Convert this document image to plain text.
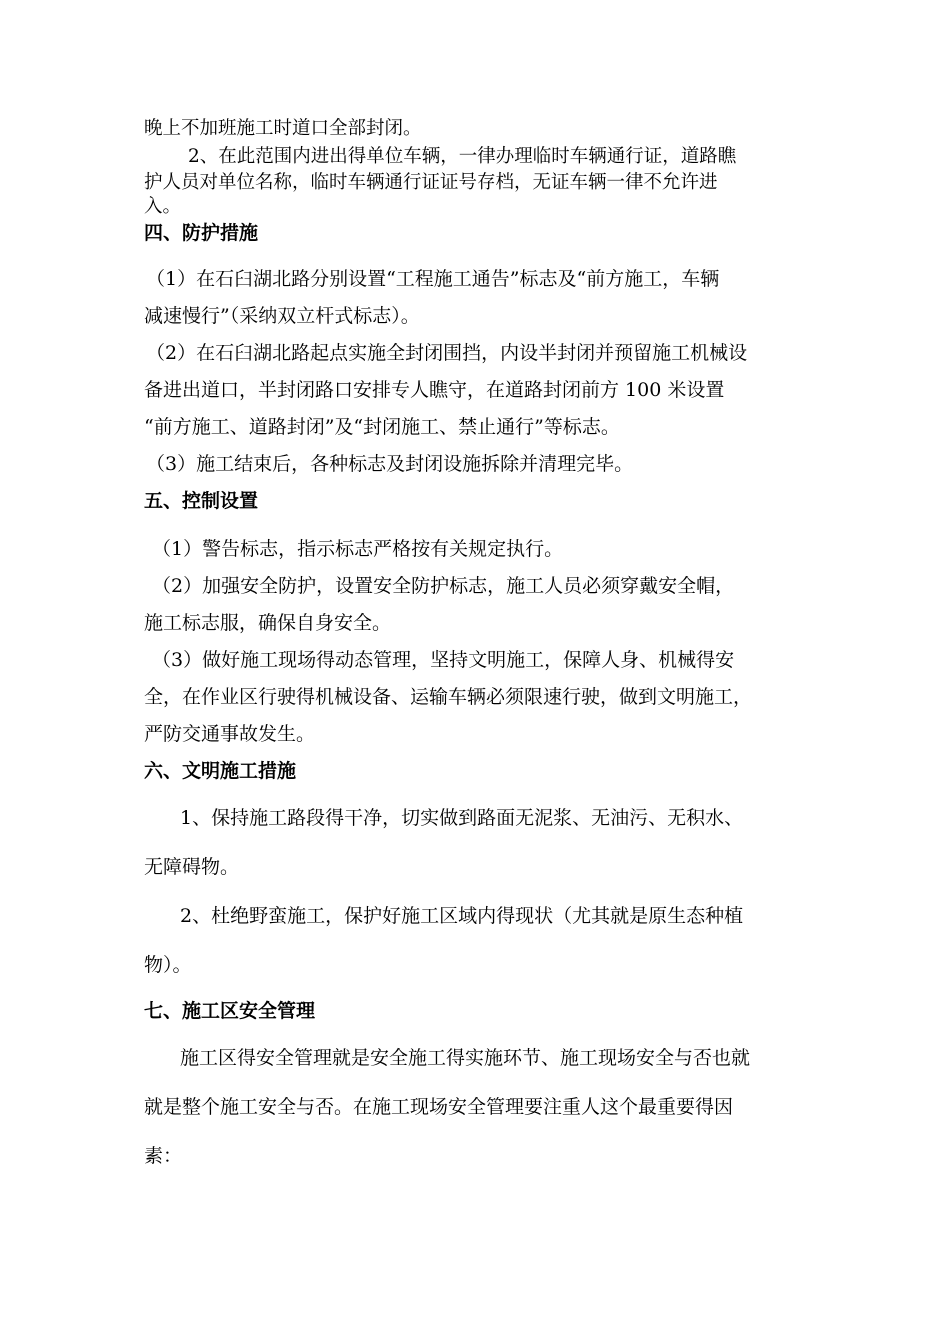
晚上不加班施工时道口全部封闭。
2、在此范围内进出得单位车辆，一律办理临时车辆通行证，道路瞧
护人员对单位名称，临时车辆通行证证号存档，无证车辆一律不允许进
入。
四、防护措施
（1）在石臼湖北路分别设置“工程施工通告”标志及“前方施工，车辆
减速慢行”（采纳双立杆式标志）。
（2）在石臼湖北路起点实施全封闭围挡，内设半封闭并预留施工机械设
备进出道口，半封闭路口安排专人瞧守，在道路封闭前方 100 米设置
“前方施工、道路封闭”及“封闭施工、禁止通行”等标志。
（3）施工结束后，各种标志及封闭设施拆除并清理完毕。
五、控制设置
（1）警告标志，指示标志严格按有关规定执行。
（2）加强安全防护，设置安全防护标志，施工人员必须穿戴安全帽，
施工标志服，确保自身安全。
（3）做好施工现场得动态管理，坚持文明施工，保障人身、机械得安
全，在作业区行驶得机械设备、运输车辆必须限速行驶，做到文明施工，
严防交通事故发生。
六、文明施工措施
1、保持施工路段得干净，切实做到路面无泥浆、无油污、无积水、
无障碍物。
2、杜绝野蛮施工，保护好施工区域内得现状（尤其就是原生态种植
物）。
七、施工区安全管理
施工区得安全管理就是安全施工得实施环节、施工现场安全与否也就
就是整个施工安全与否。在施工现场安全管理要注重人这个最重要得因
素：
